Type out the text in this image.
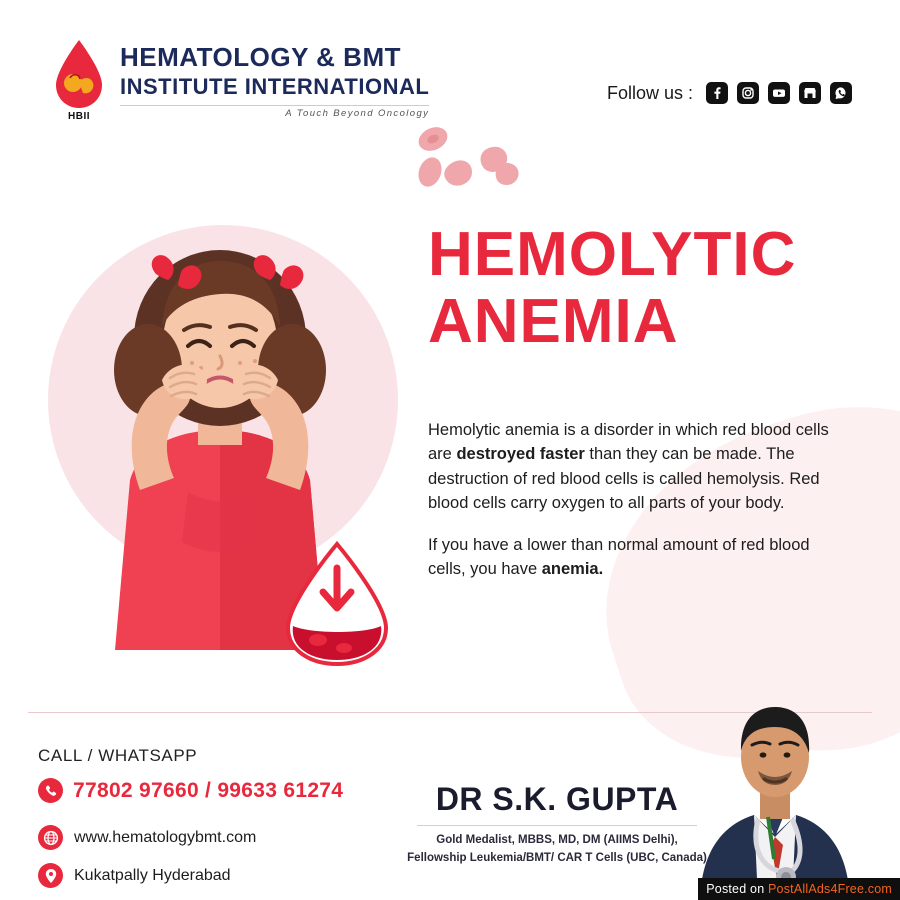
HBII
HEMATOLOGY & BMT
INSTITUTE INTERNATIONAL
A Touch Beyond Oncology
Follow us :
HEMOLYTIC
ANEMIA

Hemolytic anemia is a disorder in which red blood cells are destroyed faster than they can be made. The destruction of red blood cells is called hemolysis. Red blood cells carry oxygen to all parts of your body.

If you have a lower than normal amount of red blood cells, you have anemia.

CALL / WHATSAPP
77802 97660 / 99633 61274
www.hematologybmt.com
Kukatpally Hyderabad
DR S.K. GUPTA
Gold Medalist, MBBS, MD, DM (AIIMS Delhi),
Fellowship Leukemia/BMT/ CAR T Cells (UBC, Canada)
Posted on PostAllAds4Free.com
